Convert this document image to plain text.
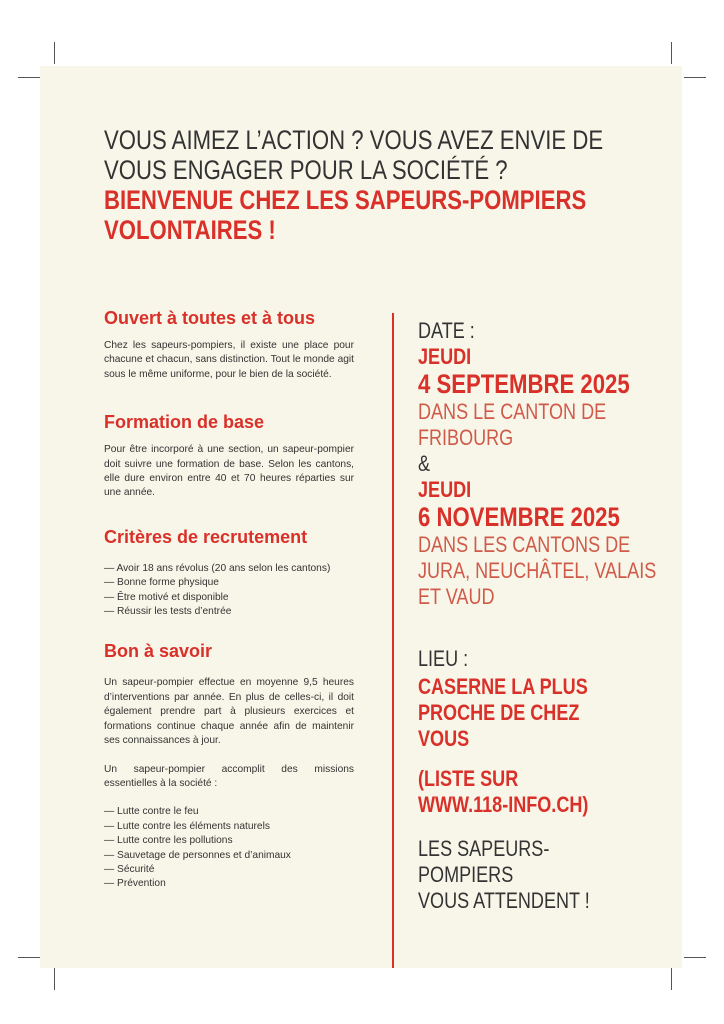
VOUS AIMEZ L’ACTION ? VOUS AVEZ ENVIE DE
VOUS ENGAGER POUR LA SOCIÉTÉ ?
BIENVENUE CHEZ LES SAPEURS-POMPIERS
VOLONTAIRES !
Ouvert à toutes et à tous

Chez les sapeurs-pompiers, il existe une place pour chacune et chacun, sans distinction. Tout le monde agit sous le même uniforme, pour le bien de la société.

Formation de base

Pour être incorporé à une section, un sapeur-pompier doit suivre une formation de base. Selon les cantons, elle dure environ entre 40 et 70 heures réparties sur une année.

Critères de recrutement
— Avoir 18 ans révolus (20 ans selon les cantons)
— Bonne forme physique
— Être motivé et disponible
— Réussir les tests d’entrée
Bon à savoir

Un sapeur-pompier effectue en moyenne 9,5 heures d’interventions par année. En plus de celles-ci, il doit également prendre part à plusieurs exercices et formations continue chaque année afin de maintenir ses connaissances à jour.

Un sapeur-pompier accomplit des missions essentielles à la société :

— Lutte contre le feu
— Lutte contre les éléments naturels
— Lutte contre les pollutions
— Sauvetage de personnes et d’animaux
— Sécurité
— Prévention
DATE :
JEUDI
4 SEPTEMBRE 2025
DANS LE CANTON DE
FRIBOURG
&
JEUDI
6 NOVEMBRE 2025
DANS LES CANTONS DE
JURA, NEUCHÂTEL, VALAIS
ET VAUD
LIEU :
CASERNE LA PLUS
PROCHE DE CHEZ
VOUS
(LISTE SUR
WWW.118-INFO.CH)
LES SAPEURS-
POMPIERS
VOUS ATTENDENT !
